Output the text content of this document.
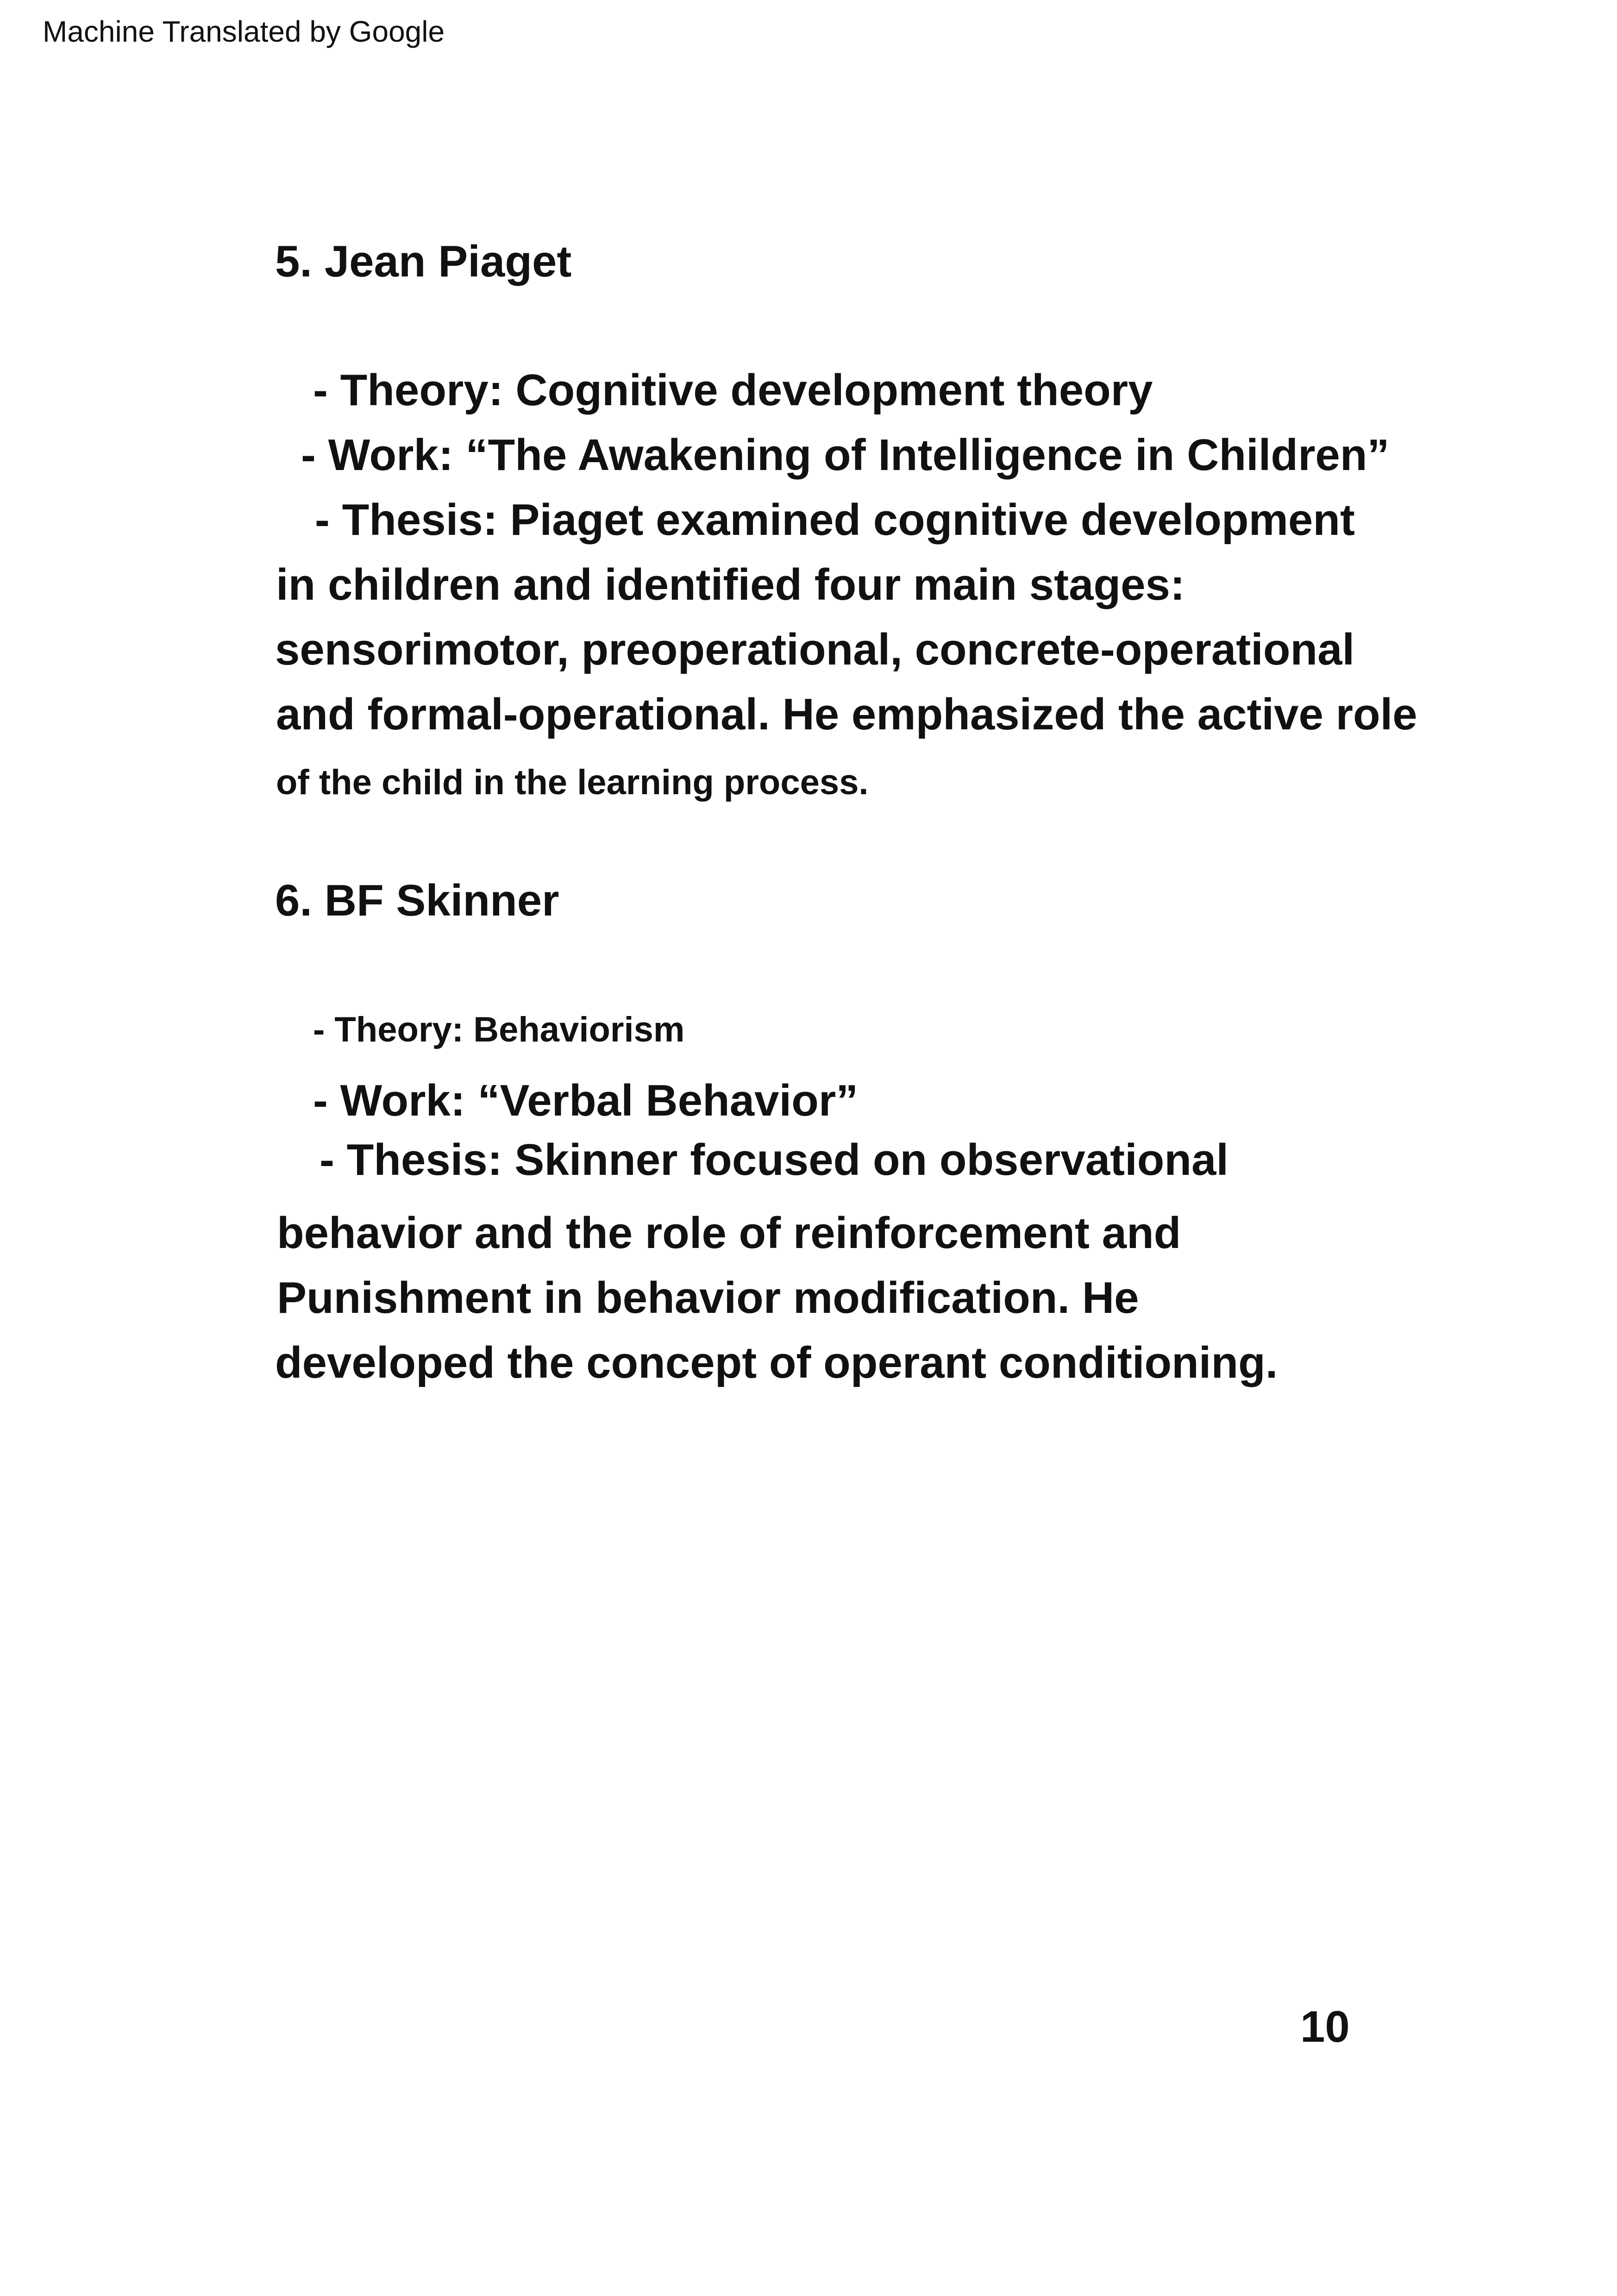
Machine Translated by Google
5. Jean Piaget
- Theory: Cognitive development theory
- Work: “The Awakening of Intelligence in Children”
- Thesis: Piaget examined cognitive development
in children and identified four main stages:
sensorimotor, preoperational, concrete-operational
and formal-operational. He emphasized the active role
of the child in the learning process.
6. BF Skinner
- Theory: Behaviorism
- Work: “Verbal Behavior”
- Thesis: Skinner focused on observational
behavior and the role of reinforcement and
Punishment in behavior modification. He
developed the concept of operant conditioning.
10
